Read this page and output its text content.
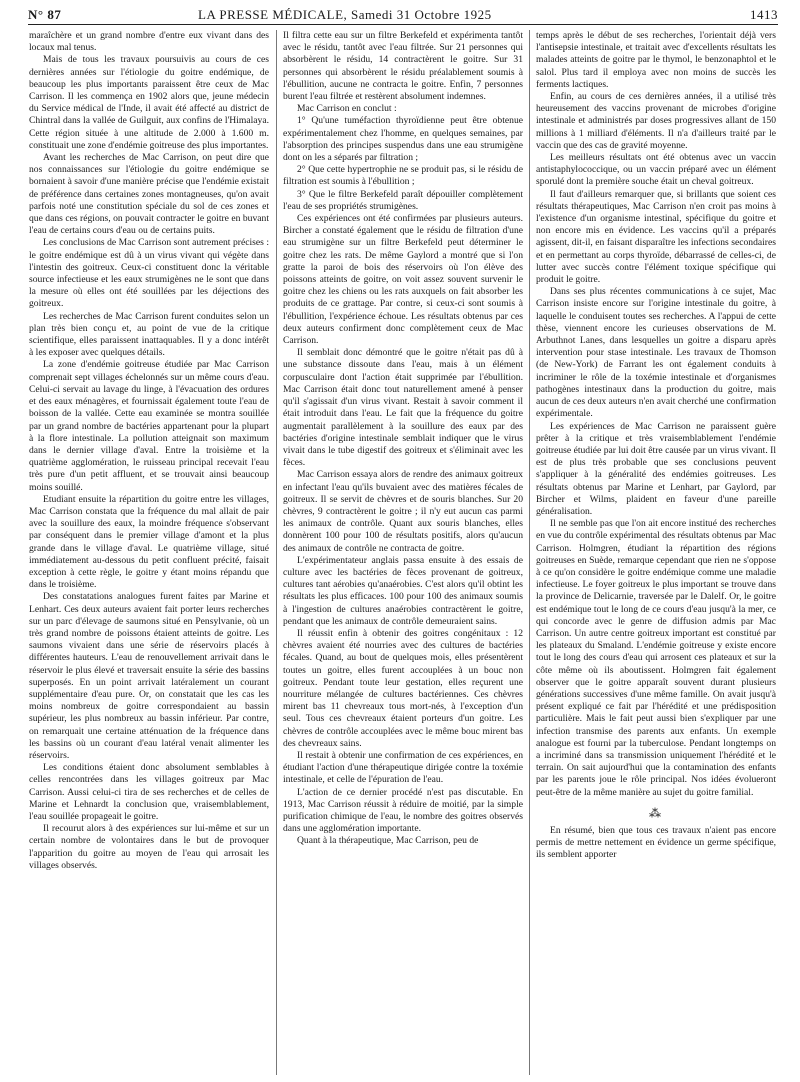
N° 87	LA PRESSE MÉDICALE, Samedi 31 Octobre 1925	1413

maraîchère et un grand nombre d'entre eux vivant dans des locaux mal tenus.

Mais de tous les travaux poursuivis au cours de ces dernières années sur l'étiologie du goitre endémique, de beaucoup les plus importants paraissent être ceux de Mac Carrison. Il les commença en 1902 alors que, jeune médecin du Service médical de l'Inde, il avait été affecté au district de Chintral dans la vallée de Guilguit, aux confins de l'Himalaya. Cette région située à une altitude de 2.000 à 1.600 m. constituait une zone d'endémie goitreuse des plus importantes.

Avant les recherches de Mac Carrison, on peut dire que nos connaissances sur l'étiologie du goitre endémique se bornaient à savoir d'une manière précise que l'endémie existait de préférence dans certaines zones montagneuses, qu'on avait parfois noté une constitution spéciale du sol de ces zones et que dans ces régions, on pouvait contracter le goitre en buvant l'eau de certains cours d'eau ou de certains puits.

Les conclusions de Mac Carrison sont autrement précises : le goitre endémique est dû à un virus vivant qui végète dans l'intestin des goitreux. Ceux-ci constituent donc la véritable source infectieuse et les eaux strumigènes ne le sont que dans la mesure où elles ont été souillées par les déjections des goitreux.

Les recherches de Mac Carrison furent conduites selon un plan très bien conçu et, au point de vue de la critique scientifique, elles paraissent inattaquables. Il y a donc intérêt à les exposer avec quelques détails.

La zone d'endémie goitreuse étudiée par Mac Carrison comprenait sept villages échelonnés sur un même cours d'eau. Celui-ci servait au lavage du linge, à l'évacuation des ordures et des eaux ménagères, et fournissait également toute l'eau de boisson de la vallée. Cette eau examinée se montra souillée par un grand nombre de bactéries appartenant pour la plupart à la flore intestinale. La pollution atteignait son maximum dans le dernier village d'aval. Entre la troisième et la quatrième agglomération, le ruisseau principal recevait l'eau très pure d'un petit affluent, et se trouvait ainsi beaucoup moins souillé.

Etudiant ensuite la répartition du goitre entre les villages, Mac Carrison constata que la fréquence du mal allait de pair avec la souillure des eaux, la moindre fréquence s'observant par conséquent dans le premier village d'amont et la plus grande dans le village d'aval. Le quatrième village, situé immédiatement au-dessous du petit confluent précité, faisait exception à cette règle, le goitre y étant moins répandu que dans le troisième.

Des constatations analogues furent faites par Marine et Lenhart. Ces deux auteurs avaient fait porter leurs recherches sur un parc d'élevage de saumons situé en Pensylvanie, où un très grand nombre de poissons étaient atteints de goitre. Les saumons vivaient dans une série de réservoirs placés à différentes hauteurs. L'eau de renouvellement arrivait dans le réservoir le plus élevé et traversait ensuite la série des bassins superposés. En un point arrivait latéralement un courant supplémentaire d'eau pure. Or, on constatait que les cas les moins nombreux de goitre correspondaient au bassin supérieur, les plus nombreux au bassin inférieur. Par contre, on remarquait une certaine atténuation de la fréquence dans les bassins où un courant d'eau latéral venait alimenter les réservoirs.

Les conditions étaient donc absolument semblables à celles rencontrées dans les villages goitreux par Mac Carrison. Aussi celui-ci tira de ses recherches et de celles de Marine et Lehnardt la conclusion que, vraisemblablement, l'eau souillée propageait le goitre.

Il recourut alors à des expériences sur lui-même et sur un certain nombre de volontaires dans le but de provoquer l'apparition du goitre au moyen de l'eau qui arrosait les villages observés.

Il filtra cette eau sur un filtre Berkefeld et expérimenta tantôt avec le résidu, tantôt avec l'eau filtrée. Sur 21 personnes qui absorbèrent le résidu, 14 contractèrent le goitre. Sur 31 personnes qui absorbèrent le résidu préalablement soumis à l'ébullition, aucune ne contracta le goitre. Enfin, 7 personnes burent l'eau filtrée et restèrent absolument indemnes.

Mac Carrison en conclut :

1° Qu'une tuméfaction thyroïdienne peut être obtenue expérimentalement chez l'homme, en quelques semaines, par l'absorption des principes suspendus dans une eau strumigène dont on les a séparés par filtration ;

2° Que cette hypertrophie ne se produit pas, si le résidu de filtration est soumis à l'ébullition ;

3° Que le filtre Berkefeld paraît dépouiller complètement l'eau de ses propriétés strumigènes.

Ces expériences ont été confirmées par plusieurs auteurs. Bircher a constaté également que le résidu de filtration d'une eau strumigène sur un filtre Berkefeld peut déterminer le goitre chez les rats. De même Gaylord a montré que si l'on gratte la paroi de bois des réservoirs où l'on élève des poissons atteints de goitre, on voit assez souvent survenir le goitre chez les chiens ou les rats auxquels on fait absorber les produits de ce grattage. Par contre, si ceux-ci sont soumis à l'ébullition, l'expérience échoue. Les résultats obtenus par ces deux auteurs confirment donc complètement ceux de Mac Carrison.

Il semblait donc démontré que le goitre n'était pas dû à une substance dissoute dans l'eau, mais à un élément corpusculaire dont l'action était supprimée par l'ébullition. Mac Carrison était donc tout naturellement amené à penser qu'il s'agissait d'un virus vivant. Restait à savoir comment il était introduit dans l'eau. Le fait que la fréquence du goitre augmentait parallèlement à la souillure des eaux par des bactéries d'origine intestinale semblait indiquer que le virus vivait dans le tube digestif des goitreux et s'éliminait avec les fèces.

Mac Carrison essaya alors de rendre des animaux goitreux en infectant l'eau qu'ils buvaient avec des matières fécales de goitreux. Il se servit de chèvres et de souris blanches. Sur 20 chèvres, 9 contractèrent le goitre ; il n'y eut aucun cas parmi les animaux de contrôle. Quant aux souris blanches, elles donnèrent 100 pour 100 de résultats positifs, alors qu'aucun des animaux de contrôle ne contracta de goitre.

L'expérimentateur anglais passa ensuite à des essais de culture avec les bactéries de fèces provenant de goitreux, cultures tant aérobies qu'anaérobies. C'est alors qu'il obtint les résultats les plus efficaces. 100 pour 100 des animaux soumis à l'ingestion de cultures anaérobies contractèrent le goitre, pendant que les animaux de contrôle demeuraient sains.

Il réussit enfin à obtenir des goitres congénitaux : 12 chèvres avaient été nourries avec des cultures de bactéries fécales. Quand, au bout de quelques mois, elles présentèrent toutes un goitre, elles furent accouplées à un bouc non goitreux. Pendant toute leur gestation, elles reçurent une nourriture mélangée de cultures bactériennes. Ces chèvres mirent bas 11 chevreaux tous mort-nés, à l'exception d'un seul. Tous ces chevreaux étaient porteurs d'un goitre. Les chèvres de contrôle accouplées avec le même bouc mirent bas des chevreaux sains.

Il restait à obtenir une confirmation de ces expériences, en étudiant l'action d'une thérapeutique dirigée contre la toxémie intestinale, et celle de l'épuration de l'eau.

L'action de ce dernier procédé n'est pas discutable. En 1913, Mac Carrison réussit à réduire de moitié, par la simple purification chimique de l'eau, le nombre des goitres observés dans une agglomération importante.

Quant à la thérapeutique, Mac Carrison, peu de

temps après le début de ses recherches, l'orientait déjà vers l'antisepsie intestinale, et traitait avec d'excellents résultats les malades atteints de goitre par le thymol, le benzonaphtol et le salol. Plus tard il employa avec non moins de succès les ferments lactiques.

Enfin, au cours de ces dernières années, il a utilisé très heureusement des vaccins provenant de microbes d'origine intestinale et administrés par doses progressives allant de 150 millions à 1 milliard d'éléments. Il n'a d'ailleurs traité par le vaccin que des cas de gravité moyenne.

Les meilleurs résultats ont été obtenus avec un vaccin antistaphylococcique, ou un vaccin préparé avec un élément sporulé dont la première souche était un cheval goitreux.

Il faut d'ailleurs remarquer que, si brillants que soient ces résultats thérapeutiques, Mac Carrison n'en croit pas moins à l'existence d'un organisme intestinal, spécifique du goitre et non encore mis en évidence. Les vaccins qu'il a préparés agissent, dit-il, en faisant disparaître les infections secondaires et en permettant au corps thyroïde, débarrassé de celles-ci, de lutter avec succès contre l'élément toxique spécifique qui produit le goitre.

Dans ses plus récentes communications à ce sujet, Mac Carrison insiste encore sur l'origine intestinale du goitre, à laquelle le conduisent toutes ses recherches. A l'appui de cette thèse, viennent encore les curieuses observations de M. Arbuthnot Lanes, dans lesquelles un goitre a disparu après intervention pour stase intestinale. Les travaux de Thomson (de New-York) de Farrant les ont également conduits à incriminer le rôle de la toxémie intestinale et d'organismes pathogènes intestinaux dans la production du goitre, mais aucun de ces deux auteurs n'en avait cherché une confirmation expérimentale.

Les expériences de Mac Carrison ne paraissent guère prêter à la critique et très vraisemblablement l'endémie goitreuse étudiée par lui doit être causée par un virus vivant. Il est de plus très probable que ses conclusions peuvent s'appliquer à la généralité des endémies goitreuses. Les résultats obtenus par Marine et Lenhart, par Gaylord, par Bircher et Wilms, plaident en faveur d'une pareille généralisation.

Il ne semble pas que l'on ait encore institué des recherches en vue du contrôle expérimental des résultats obtenus par Mac Carrison. Holmgren, étudiant la répartition des régions goitreuses en Suède, remarque cependant que rien ne s'oppose à ce qu'on considère le goitre endémique comme une maladie infectieuse. Le foyer goitreux le plus important se trouve dans la province de Delicarnie, traversée par le Dalelf. Or, le goitre est endémique tout le long de ce cours d'eau jusqu'à la mer, ce qui concorde avec le genre de diffusion admis par Mac Carrison. Un autre centre goitreux important est constitué par les plateaux du Smaland. L'endémie goitreuse y existe encore tout le long des cours d'eau qui arrosent ces plateaux et sur la côte même où ils aboutissent. Holmgren fait également observer que le goitre apparaît souvent durant plusieurs générations successives d'une même famille. On avait jusqu'à présent expliqué ce fait par l'hérédité et une prédisposition particulière. Mais le fait peut aussi bien s'expliquer par une infection transmise des parents aux enfants. Un exemple analogue est fourni par la tuberculose. Pendant longtemps on a incriminé dans sa transmission uniquement l'hérédité et le terrain. On sait aujourd'hui que la contamination des enfants par les parents joue le rôle principal. Nos idées évolueront peut-être de la même manière au sujet du goitre familial.

⁂

En résumé, bien que tous ces travaux n'aient pas encore permis de mettre nettement en évidence un germe spécifique, ils semblent apporter
